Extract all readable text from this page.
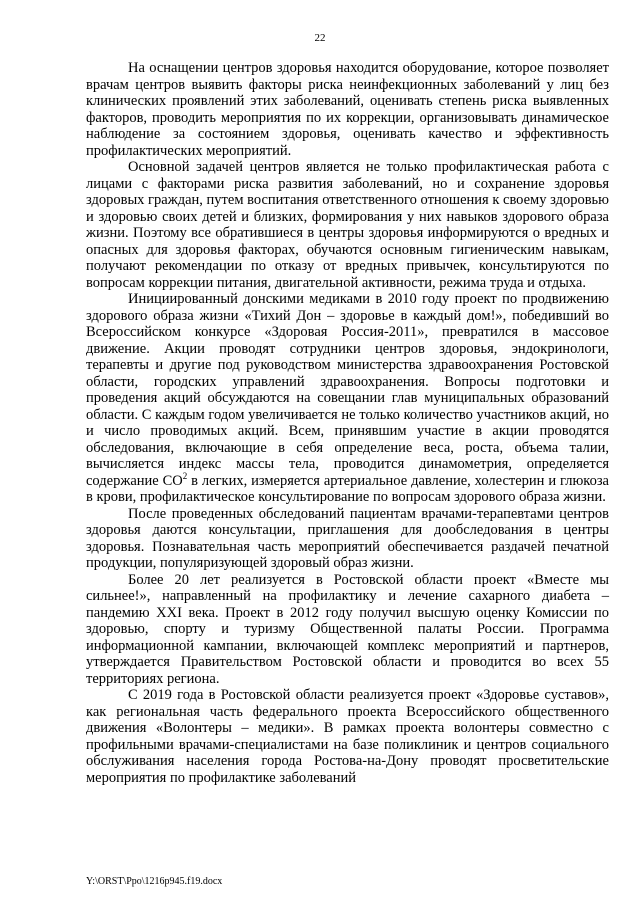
22

На оснащении центров здоровья находится оборудование, которое позволяет врачам центров выявить факторы риска неинфекционных заболеваний у лиц без клинических проявлений этих заболеваний, оценивать степень риска выявленных факторов, проводить мероприятия по их коррекции, организовывать динамическое наблюдение за состоянием здоровья, оценивать качество и эффективность профилактических мероприятий.

Основной задачей центров является не только профилактическая работа с лицами с факторами риска развития заболеваний, но и сохранение здоровья здоровых граждан, путем воспитания ответственного отношения к своему здоровью и здоровью своих детей и близких, формирования у них навыков здорового образа жизни. Поэтому все обратившиеся в центры здоровья информируются о вредных и опасных для здоровья факторах, обучаются основным гигиеническим навыкам, получают рекомендации по отказу от вредных привычек, консультируются по вопросам коррекции питания, двигательной активности, режима труда и отдыха.

Инициированный донскими медиками в 2010 году проект по продвижению здорового образа жизни «Тихий Дон – здоровье в каждый дом!», победивший во Всероссийском конкурсе «Здоровая Россия-2011», превратился в массовое движение. Акции проводят сотрудники центров здоровья, эндокринологи, терапевты и другие под руководством министерства здравоохранения Ростовской области, городских управлений здравоохранения. Вопросы подготовки и проведения акций обсуждаются на совещании глав муниципальных образований области. С каждым годом увеличивается не только количество участников акций, но и число проводимых акций. Всем, принявшим участие в акции проводятся обследования, включающие в себя определение веса, роста, объема талии, вычисляется индекс массы тела, проводится динамометрия, определяется содержание $CO^2$ в легких, измеряется артериальное давление, холестерин и глюкоза в крови, профилактическое консультирование по вопросам здорового образа жизни.

После проведенных обследований пациентам врачами-терапевтами центров здоровья даются консультации, приглашения для дообследования в центры здоровья. Познавательная часть мероприятий обеспечивается раздачей печатной продукции, популяризующей здоровый образ жизни.

Более 20 лет реализуется в Ростовской области проект «Вместе мы сильнее!», направленный на профилактику и лечение сахарного диабета – пандемию XXI века. Проект в 2012 году получил высшую оценку Комиссии по здоровью, спорту и туризму Общественной палаты России. Программа информационной кампании, включающей комплекс мероприятий и партнеров, утверждается Правительством Ростовской области и проводится во всех 55 территориях региона.

С 2019 года в Ростовской области реализуется проект «Здоровье суставов», как региональная часть федерального проекта Всероссийского общественного движения «Волонтеры – медики». В рамках проекта волонтеры совместно с профильными врачами-специалистами на базе поликлиник и центров социального обслуживания населения города Ростова-на-Дону проводят просветительские мероприятия по профилактике заболеваний

Y:\ORST\Ppo\1216p945.f19.docx
